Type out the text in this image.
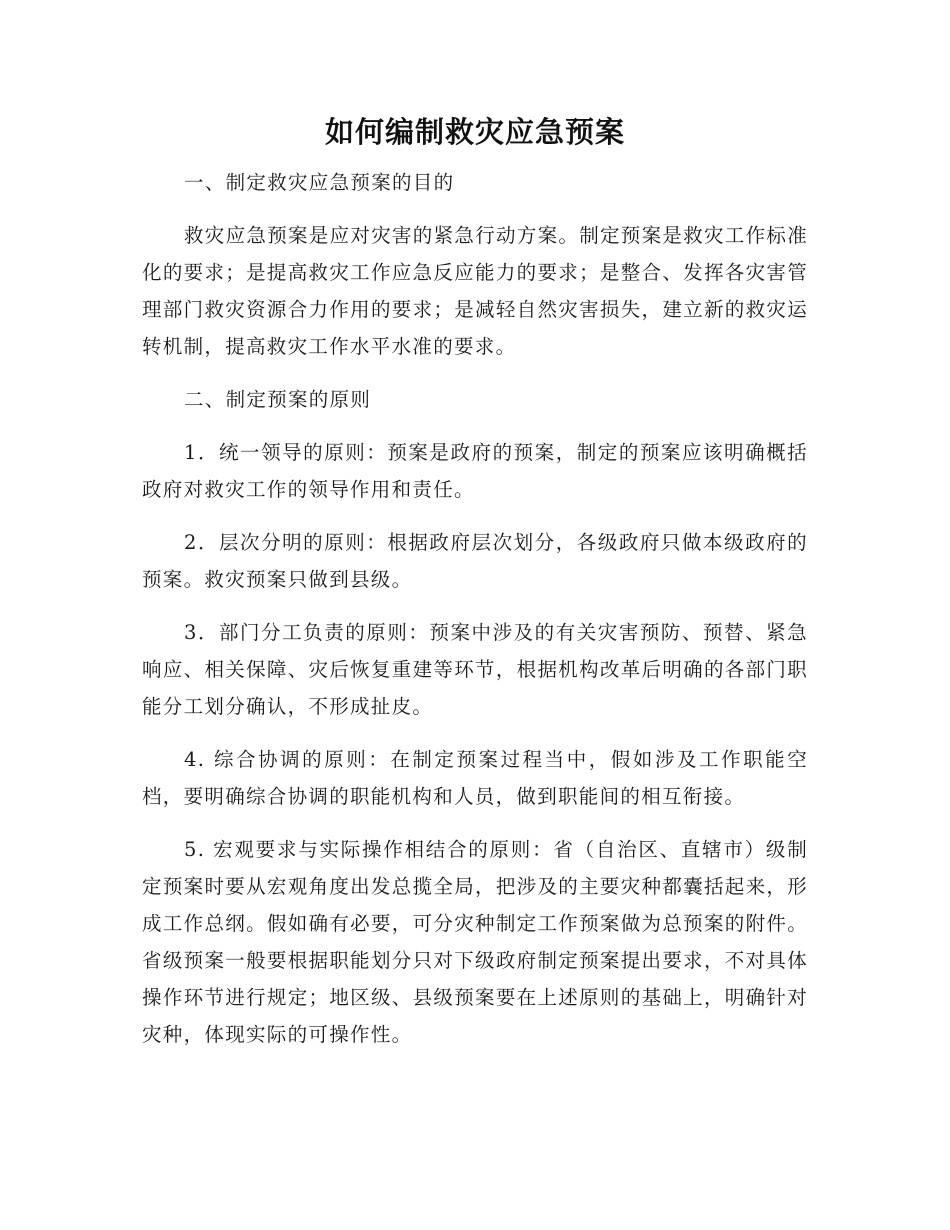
如何编制救灾应急预案

一、制定救灾应急预案的目的

救灾应急预案是应对灾害的紧急行动方案。制定预案是救灾工作标准化的要求；是提高救灾工作应急反应能力的要求；是整合、发挥各灾害管理部门救灾资源合力作用的要求；是减轻自然灾害损失，建立新的救灾运转机制，提高救灾工作水平水准的要求。

二、制定预案的原则

1．统一领导的原则：预案是政府的预案，制定的预案应该明确概括政府对救灾工作的领导作用和责任。

2．层次分明的原则：根据政府层次划分，各级政府只做本级政府的预案。救灾预案只做到县级。

3．部门分工负责的原则：预案中涉及的有关灾害预防、预替、紧急响应、相关保障、灾后恢复重建等环节，根据机构改革后明确的各部门职能分工划分确认，不形成扯皮。

4. 综合协调的原则：在制定预案过程当中，假如涉及工作职能空档，要明确综合协调的职能机构和人员，做到职能间的相互衔接。

5. 宏观要求与实际操作相结合的原则：省（自治区、直辖市）级制定预案时要从宏观角度出发总揽全局，把涉及的主要灾种都囊括起来，形成工作总纲。假如确有必要，可分灾种制定工作预案做为总预案的附件。省级预案一般要根据职能划分只对下级政府制定预案提出要求，不对具体操作环节进行规定；地区级、县级预案要在上述原则的基础上，明确针对灾种，体现实际的可操作性。
